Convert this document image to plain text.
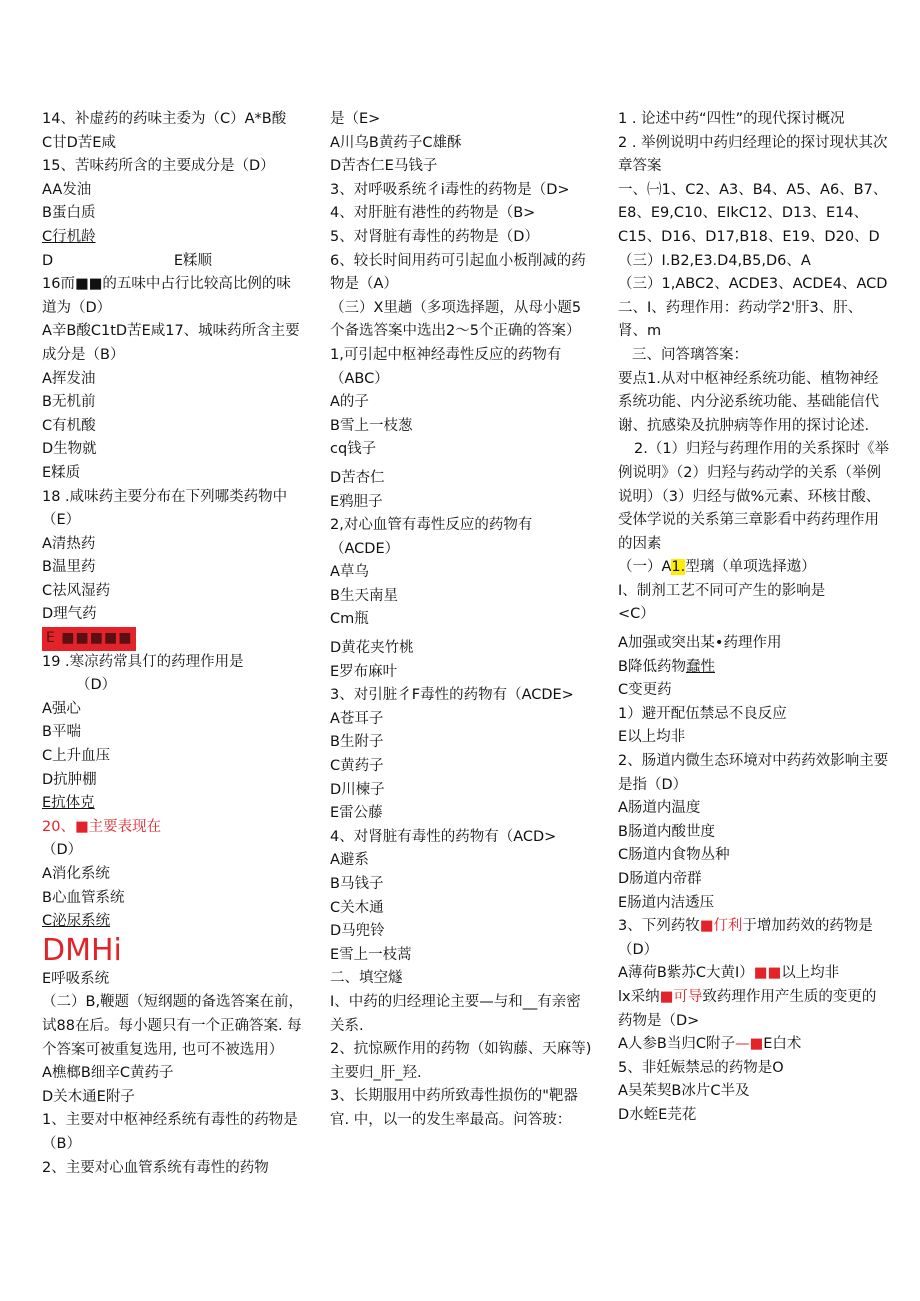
14、补虚药的药味主委为（C）A*B酸
C甘D苦E咸
15、苦味药所含的主要成分是（D）
AA发油
B蛋白质
C行机龄
D	E糅顺
16而■■的五味中占行比较高比例的味道为（D）
A辛B酸C1tD苦E咸17、城味药所含主要成分是（B）
A挥发油
B无机前
C有机酸
D生物就
E糅质
18 .咸味药主要分布在下列哪类药物中（E）
A清热药
B温里药
C祛风湿药
D理气药
E ■■■■■
19 .寒凉药常具仃的药理作用是
（D）
A强心
B平喘
C上升血压
D抗肿棚
E抗体克
20、■主要表现在
（D）
A消化系统
B心血管系统
C泌尿系统
DMHi
E呼吸系统
（二）B,鞭题（短纲题的备选答案在前，试88在后。每小题只有一个正确答案. 每个答案可被重复选用, 也可不被选用）
A樵榔B细辛C黄药子
D关木通E附子
1、主要对中枢神经系统有毒性的药物是（B）
2、主要对心血管系统有毒性的药物
是（E>
A川乌B黄药子C雄酥
D苦杏仁E马钱子
3、对呼吸系统彳i毒性的药物是（D>
4、对肝脏有港性的药物是（B>
5、对肾脏有毒性的药物是（D）
6、较长时间用药可引起血小板削减的药物是（A）
（三）X里趟（多项选择题，从母小题5个备选答案中选出2～5个正确的答案）
1,可引起中枢神经毒性反应的药物有（ABC）
A的子
B雪上一枝葱
cq钱子
D苦杏仁
E鸦胆子
2,对心血管有毒性反应的药物有（ACDE）
A草乌
B生天南星
Cm瓶
D黄花夹竹桃
E罗布麻叶
3、对引脏彳F毒性的药物有（ACDE>
A苍耳子
B生附子
C黄药子
D川楝子
E雷公藤
4、对肾脏有毒性的药物有（ACD>
A避系
B马钱子
C关木通
D马兜铃
E雪上一枝蒿
二、填空燧
I、中药的归经理论主要—与和__有亲密关系.
2、抗惊厥作用的药物（如钩藤、天麻等)主要归_肝_羟.
3、长期服用中药所致毒性损伤的"靶器官. 中，以一的发生率最高。问答玻：
1 . 论述中药“四性”的现代探讨概况
2 . 举例说明中药归经理论的探讨现状其次章答案
一、㈠1、C2、A3、B4、A5、A6、B7、E8、E9,C10、EIkC12、D13、E14、C15、D16、D17,B18、E19、D20、D
（三）I.B2,E3.D4,B5,D6、A
（三）1,ABC2、ACDE3、ACDE4、ACD
二、I、药理作用：药动学2'肝3、肝、肾、m
三、问答璃答案：
要点1.从对中枢神经系统功能、植物神经系统功能、内分泌系统功能、基础能信代谢、抗感染及抗肿病等作用的探讨论述.
2.（1）归羟与药理作用的关系探时《举例说明》（2）归羟与药动学的关系（举例说明）（3）归经与做%元素、环核甘酸、受体学说的关系第三章影看中药药理作用的因素
（一）A1.型璃（单项选择遨）
I、制剂工艺不同可产生的影响是
<C）
A加强或突出某•药理作用
B降低药物蠢性
C变更药
1）避开配伍禁忌不良反应
E以上均非
2、肠道内微生态环境对中药药效影响主要是指（D）
A肠道内温度
B肠道内酸世度
C肠道内食物丛种
D肠道内帝群
E肠道内洁透压
3、下列药牧■仃利于增加药效的药物是（D）
A薄荷B紫苏C大黄I）■■以上均非
lx采纳■可导致药理作用产生质的变更的药物是（D>
A人参B当归C附子—■E白术
5、非妊娠禁忌的药物是O
A吴茱契B冰片C半及
D水蛭E芫花
